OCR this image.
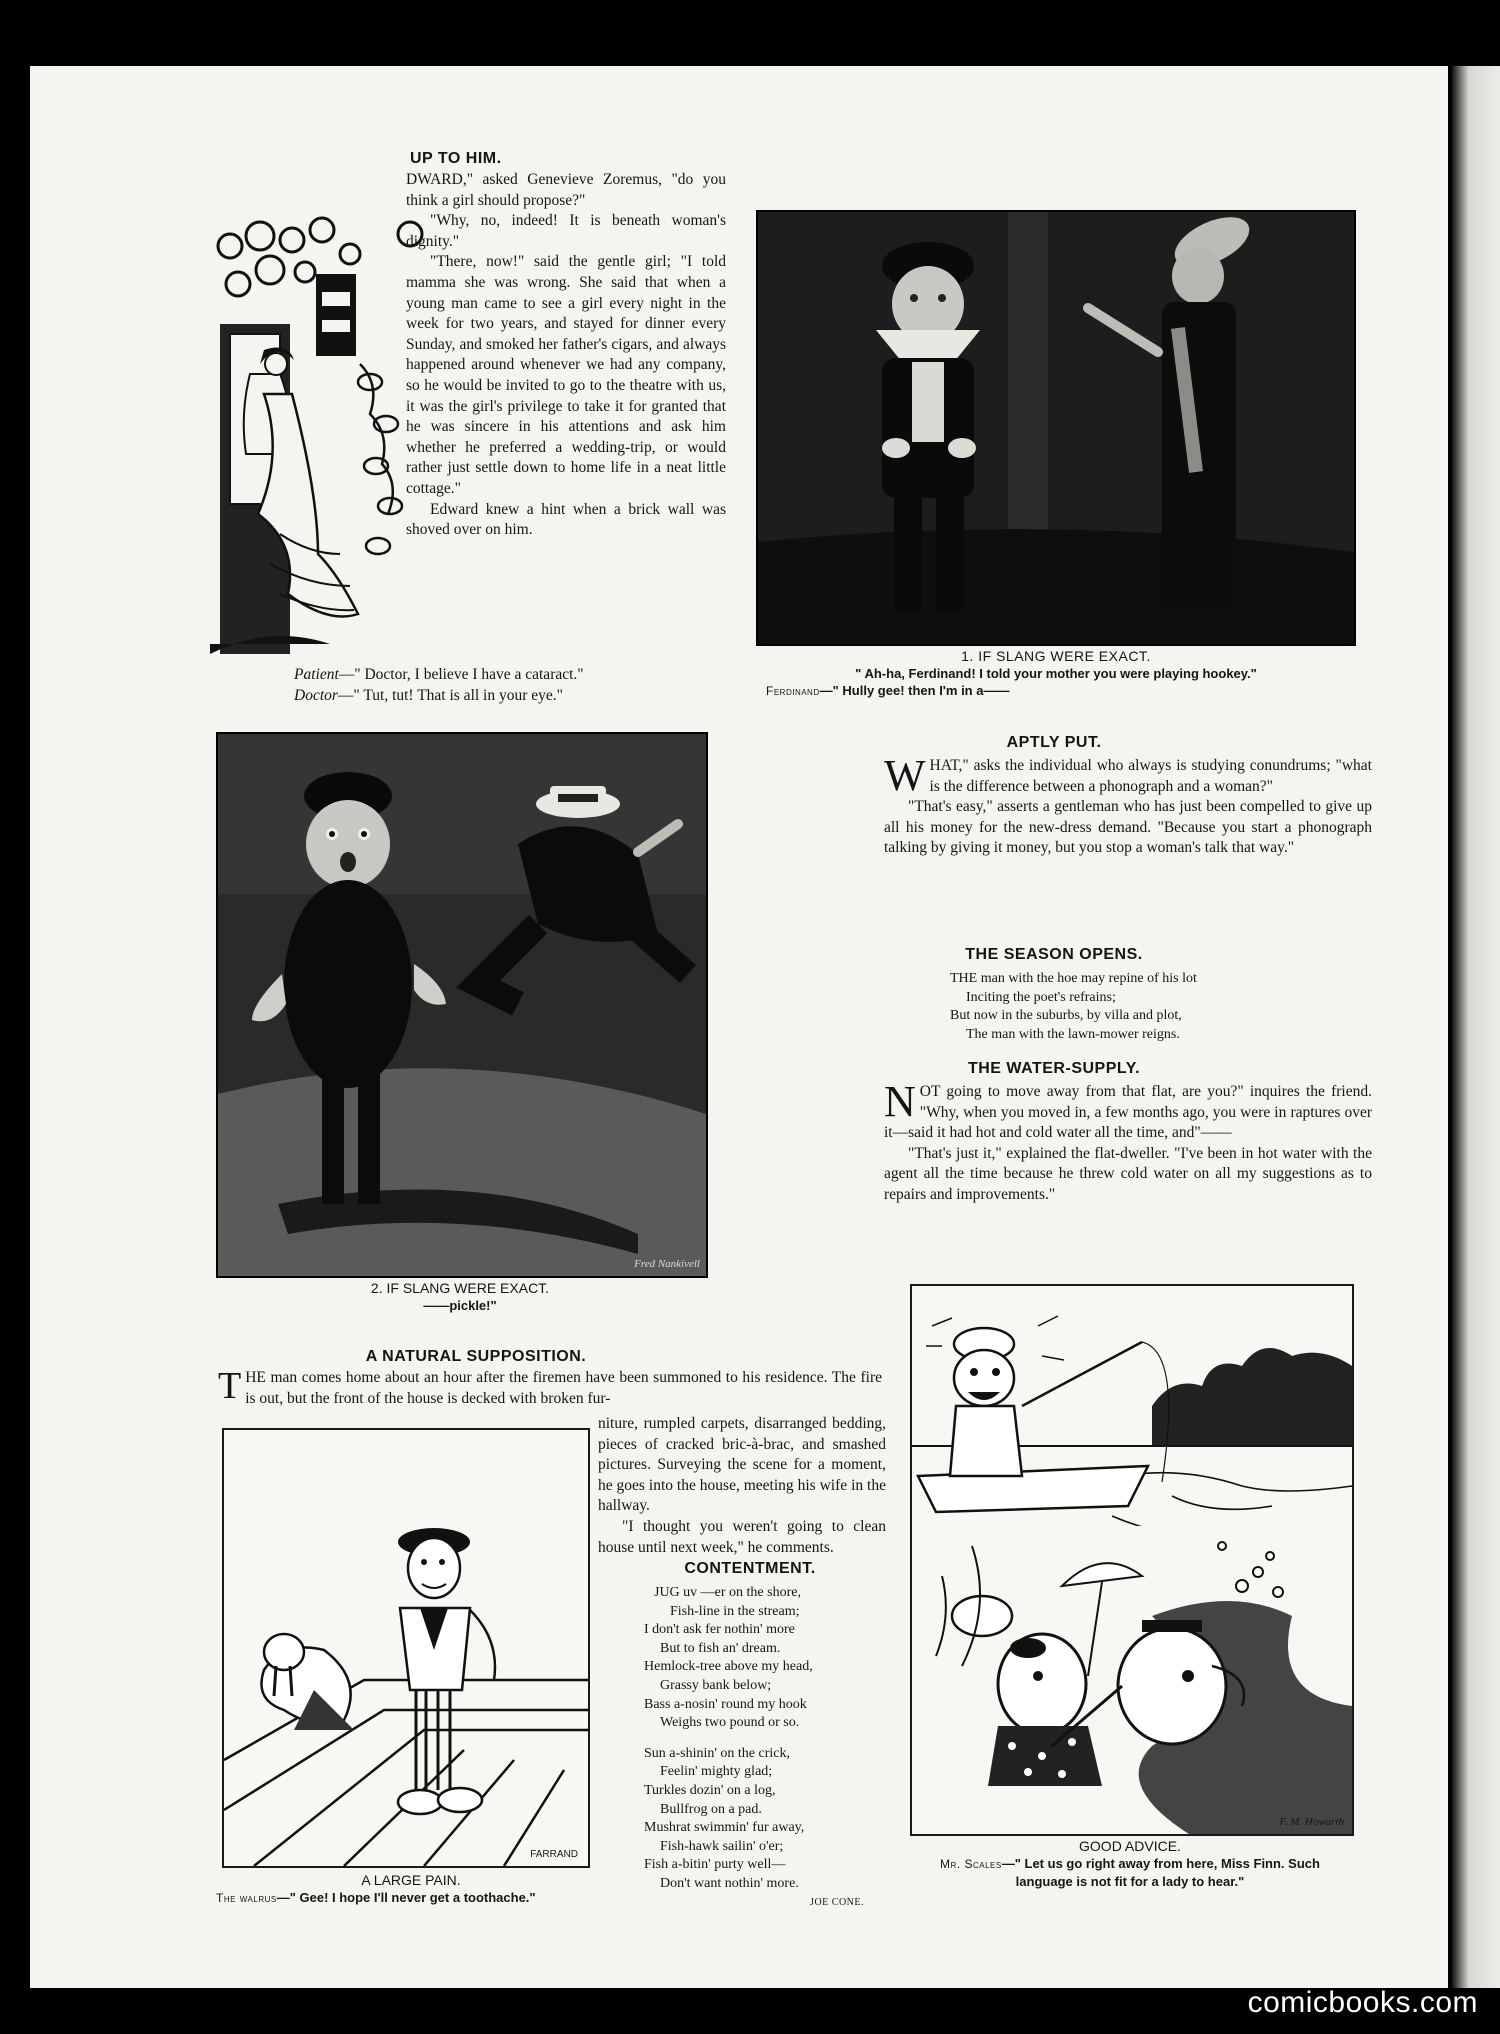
UP TO HIM.

DWARD," asked Genevieve Zoremus, "do you think a girl should propose?"

"Why, no, indeed! It is beneath woman's dignity."

"There, now!" said the gentle girl; "I told mamma she was wrong. She said that when a young man came to see a girl every night in the week for two years, and stayed for dinner every Sunday, and smoked her father's cigars, and always happened around whenever we had any company, so he would be invited to go to the theatre with us, it was the girl's privilege to take it for granted that he was sincere in his attentions and ask him whether he preferred a wedding-trip, or would rather just settle down to home life in a neat little cottage."

Edward knew a hint when a brick wall was shoved over on him.

Patient—" Doctor, I believe I have a cataract."
Doctor—" Tut, tut! That is all in your eye."
1. IF SLANG WERE EXACT.
" Ah-ha, Ferdinand! I told your mother you were playing hookey."
Ferdinand—" Hully gee! then I'm in a——
Fred Nankivell
2. IF SLANG WERE EXACT.
——pickle!"
APTLY PUT.

WHAT," asks the individual who always is studying conundrums; "what is the difference between a phonograph and a woman?"

"That's easy," asserts a gentleman who has just been compelled to give up all his money for the new-dress demand. "Because you start a phonograph talking by giving it money, but you stop a woman's talk that way."

THE SEASON OPENS.
THE man with the hoe may repine of his lot
Inciting the poet's refrains;
But now in the suburbs, by villa and plot,
The man with the lawn-mower reigns.
THE WATER-SUPPLY.

NOT going to move away from that flat, are you?" inquires the friend. "Why, when you moved in, a few months ago, you were in raptures over it—said it had hot and cold water all the time, and"——

"That's just it," explained the flat-dweller. "I've been in hot water with the agent all the time because he threw cold water on all my suggestions as to repairs and improvements."

A NATURAL SUPPOSITION.

THE man comes home about an hour after the firemen have been summoned to his residence. The fire is out, but the front of the house is decked with broken fur-

niture, rumpled carpets, disarranged bedding, pieces of cracked bric-à-brac, and smashed pictures. Surveying the scene for a moment, he goes into the house, meeting his wife in the hallway.

"I thought you weren't going to clean house until next week," he comments.

FARRAND
A LARGE PAIN.
The walrus—" Gee! I hope I'll never get a toothache."
CONTENTMENT.
JUG uv —er on the shore,
Fish-line in the stream;
I don't ask fer nothin' more
But to fish an' dream.
Hemlock-tree above my head,
Grassy bank below;
Bass a-nosin' round my hook
Weighs two pound or so.
Sun a-shinin' on the crick,
Feelin' mighty glad;
Turkles dozin' on a log,
Bullfrog on a pad.
Mushrat swimmin' fur away,
Fish-hawk sailin' o'er;
Fish a-bitin' purty well—
Don't want nothin' more.
JOE CONE.
F. M. Howarth
GOOD ADVICE.
Mr. Scales—" Let us go right away from here, Miss Finn. Such language is not fit for a lady to hear."
comicbooks.com
